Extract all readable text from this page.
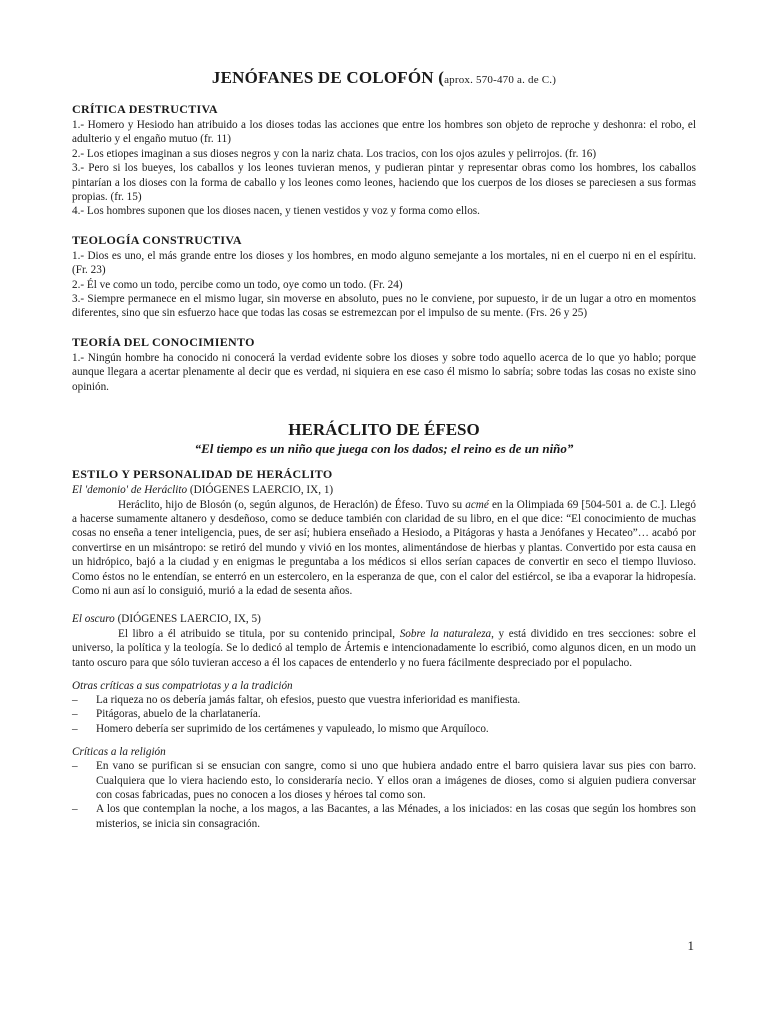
JENÓFANES DE COLOFÓN (aprox. 570-470 a. de C.)
CRÍTICA DESTRUCTIVA

1.- Homero y Hesiodo han atribuido a los dioses todas las acciones que entre los hombres son objeto de reproche y deshonra: el robo, el adulterio y el engaño mutuo (fr. 11)

2.- Los etiopes imaginan a sus dioses negros y con la nariz chata. Los tracios, con los ojos azules y pelirrojos. (fr. 16)

3.- Pero si los bueyes, los caballos y los leones tuvieran menos, y pudieran pintar y representar obras como los hombres, los caballos pintarían a los dioses con la forma de caballo y los leones como leones, haciendo que los cuerpos de los dioses se pareciesen a sus formas propias. (fr. 15)

4.- Los hombres suponen que los dioses nacen, y tienen vestidos y voz y forma como ellos.

TEOLOGÍA CONSTRUCTIVA

1.- Dios es uno, el más grande entre los dioses y los hombres, en modo alguno semejante a los mortales, ni en el cuerpo ni en el espíritu. (Fr. 23)

2.- Él ve como un todo, percibe como un todo, oye como un todo. (Fr. 24)

3.- Siempre permanece en el mismo lugar, sin moverse en absoluto, pues no le conviene, por supuesto, ir de un lugar a otro en momentos diferentes, sino que sin esfuerzo hace que todas las cosas se estremezcan por el impulso de su mente. (Frs. 26 y 25)

TEORÍA DEL CONOCIMIENTO

1.- Ningún hombre ha conocido ni conocerá la verdad evidente sobre los dioses y sobre todo aquello acerca de lo que yo hablo; porque aunque llegara a acertar plenamente al decir que es verdad, ni siquiera en ese caso él mismo lo sabría; sobre todas las cosas no existe sino opinión.

HERÁCLITO DE ÉFESO
“El tiempo es un niño que juega con los dados; el reino es de un niño”
ESTILO Y PERSONALIDAD DE HERÁCLITO

El 'demonio' de Heráclito (DIÓGENES LAERCIO, IX, 1)

Heráclito, hijo de Blosón (o, según algunos, de Heraclón) de Éfeso. Tuvo su acmé en la Olimpiada 69 [504-501 a. de C.]. Llegó a hacerse sumamente altanero y desdeñoso, como se deduce también con claridad de su libro, en el que dice: “El conocimiento de muchas cosas no enseña a tener inteligencia, pues, de ser así; hubiera enseñado a Hesiodo, a Pitágoras y hasta a Jenófanes y Hecateo”… acabó por convertirse en un misántropo: se retiró del mundo y vivió en los montes, alimentándose de hierbas y plantas. Convertido por esta causa en un hidrópico, bajó a la ciudad y en enigmas le preguntaba a los médicos si ellos serían capaces de convertir en seco el tiempo lluvioso. Como éstos no le entendían, se enterró en un estercolero, en la esperanza de que, con el calor del estiércol, se iba a evaporar la hidropesía. Como ni aun así lo consiguió, murió a la edad de sesenta años.

El oscuro (DIÓGENES LAERCIO, IX, 5)

El libro a él atribuido se titula, por su contenido principal, Sobre la naturaleza, y está dividido en tres secciones: sobre el universo, la política y la teología. Se lo dedicó al templo de Ártemis e intencionadamente lo escribió, como algunos dicen, en un modo un tanto oscuro para que sólo tuvieran acceso a él los capaces de entenderlo y no fuera fácilmente despreciado por el populacho.

Otras críticas a sus compatriotas y a la tradición
–	La riqueza no os debería jamás faltar, oh efesios, puesto que vuestra inferioridad es manifiesta.
–	Pitágoras, abuelo de la charlatanería.
–	Homero debería ser suprimido de los certámenes y vapuleado, lo mismo que Arquíloco.
Críticas a la religión
–	En vano se purifican si se ensucian con sangre, como si uno que hubiera andado entre el barro quisiera lavar sus pies con barro. Cualquiera que lo viera haciendo esto, lo consideraría necio. Y ellos oran a imágenes de dioses, como si alguien pudiera conversar con cosas fabricadas, pues no conocen a los dioses y héroes tal como son.
–	A los que contemplan la noche, a los magos, a las Bacantes, a las Ménades, a los iniciados: en las cosas que según los hombres son misterios, se inicia sin consagración.
1
